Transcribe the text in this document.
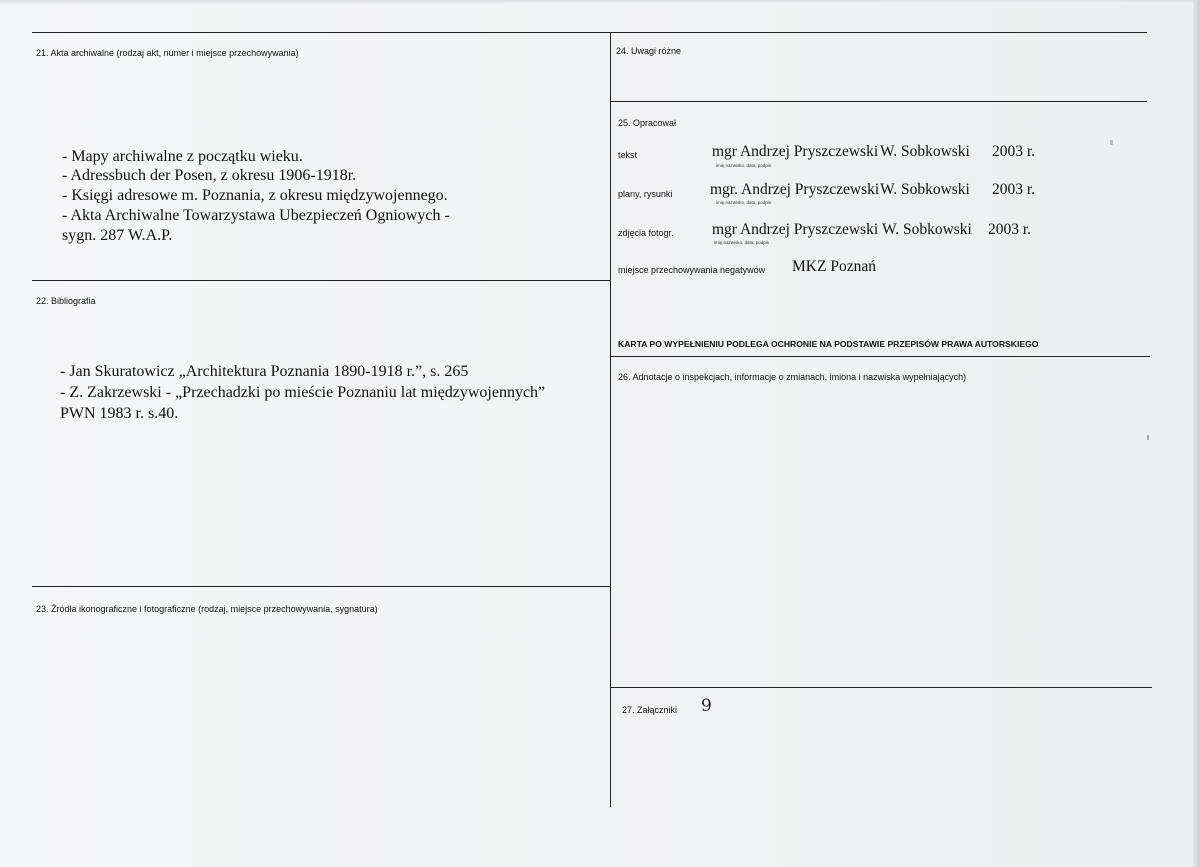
21. Akta archiwalne (rodzaj akt, numer i miejsce przechowywania)
- Mapy archiwalne z początku wieku.
- Adressbuch der Posen, z okresu 1906-1918r.
- Księgi adresowe m. Poznania, z okresu międzywojennego.
- Akta Archiwalne Towarzystawa Ubezpieczeń Ogniowych -
sygn. 287 W.A.P.
22. Bibliografia
- Jan Skuratowicz „Architektura Poznania 1890-1918 r.”, s. 265
- Z. Zakrzewski - „Przechadzki po mieście Poznaniu lat międzywojennych”
PWN 1983 r. s.40.
23. Źródła ikonograficzne i fotograficzne (rodzaj, miejsce przechowywania, sygnatura)
24. Uwagi różne
25. Opracował
tekst	mgr Andrzej Pryszczewski W. Sobkowski 2003 r.
imię,nazwisko, data, podpis
plany, rysunki mgr. Andrzej Pryszczewski W. Sobkowski 2003 r.
imię,nazwisko, data, podpis
zdjęcia fotogr. mgr Andrzej Pryszczewski W. Sobkowski 2003 r.
imię,nazwisko, data, podpis
miejsce przechowywania negatywów MKZ Poznań
KARTA PO WYPEŁNIENIU PODLEGA OCHRONIE NA PODSTAWIE PRZEPISÓW PRAWA AUTORSKIEGO
26. Adnotacje o inspekcjach, informacje o zmianach, imiona i nazwiska wypełniających)
27. Załączniki 9
